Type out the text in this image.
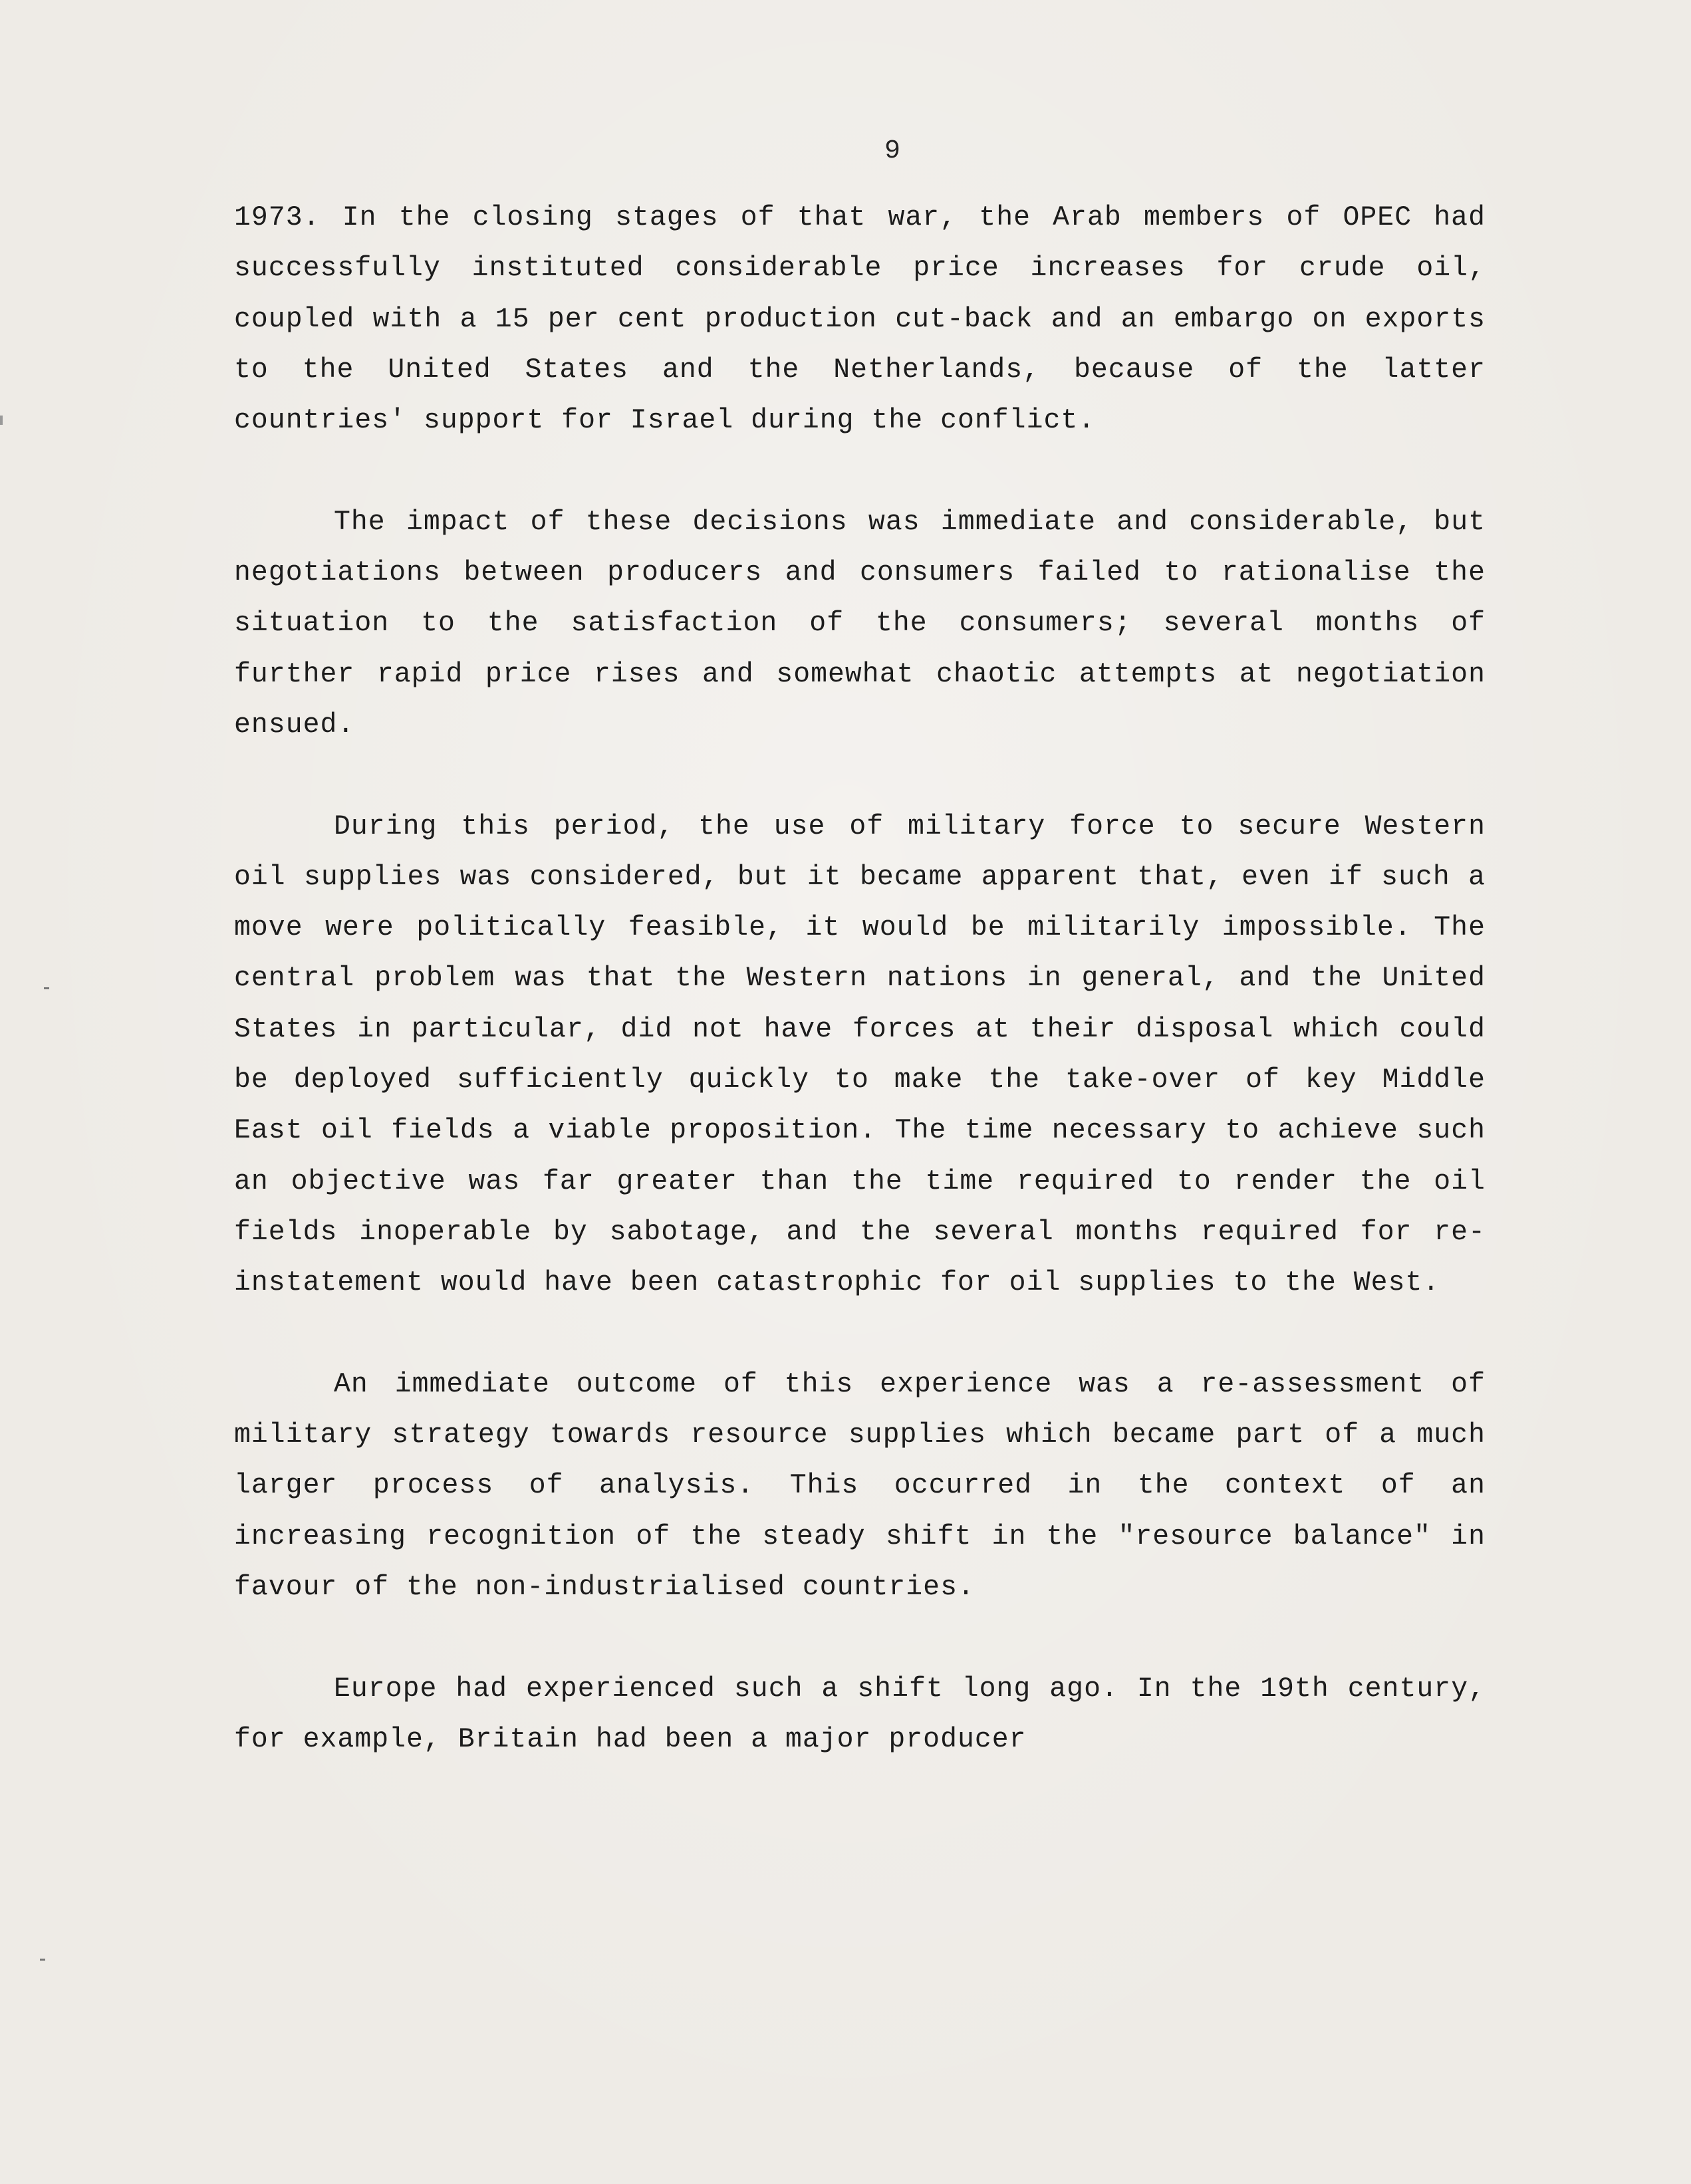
9

1973. In the closing stages of that war, the Arab members of OPEC had successfully instituted considerable price increases for crude oil, coupled with a 15 per cent production cut-back and an embargo on exports to the United States and the Netherlands, because of the latter countries' support for Israel during the conflict.

The impact of these decisions was immediate and considerable, but negotiations between producers and consumers failed to rationalise the situation to the satisfaction of the consumers; several months of further rapid price rises and somewhat chaotic attempts at negotiation ensued.

During this period, the use of military force to secure Western oil supplies was considered, but it became apparent that, even if such a move were politically feasible, it would be militarily impossible. The central problem was that the Western nations in general, and the United States in particular, did not have forces at their disposal which could be deployed sufficiently quickly to make the take-over of key Middle East oil fields a viable proposition. The time necessary to achieve such an objective was far greater than the time required to render the oil fields inoperable by sabotage, and the several months required for re-instatement would have been catastrophic for oil supplies to the West.

An immediate outcome of this experience was a re-assessment of military strategy towards resource supplies which became part of a much larger process of analysis. This occurred in the context of an increasing recognition of the steady shift in the "resource balance" in favour of the non-industrialised countries.

Europe had experienced such a shift long ago. In the 19th century, for example, Britain had been a major producer
